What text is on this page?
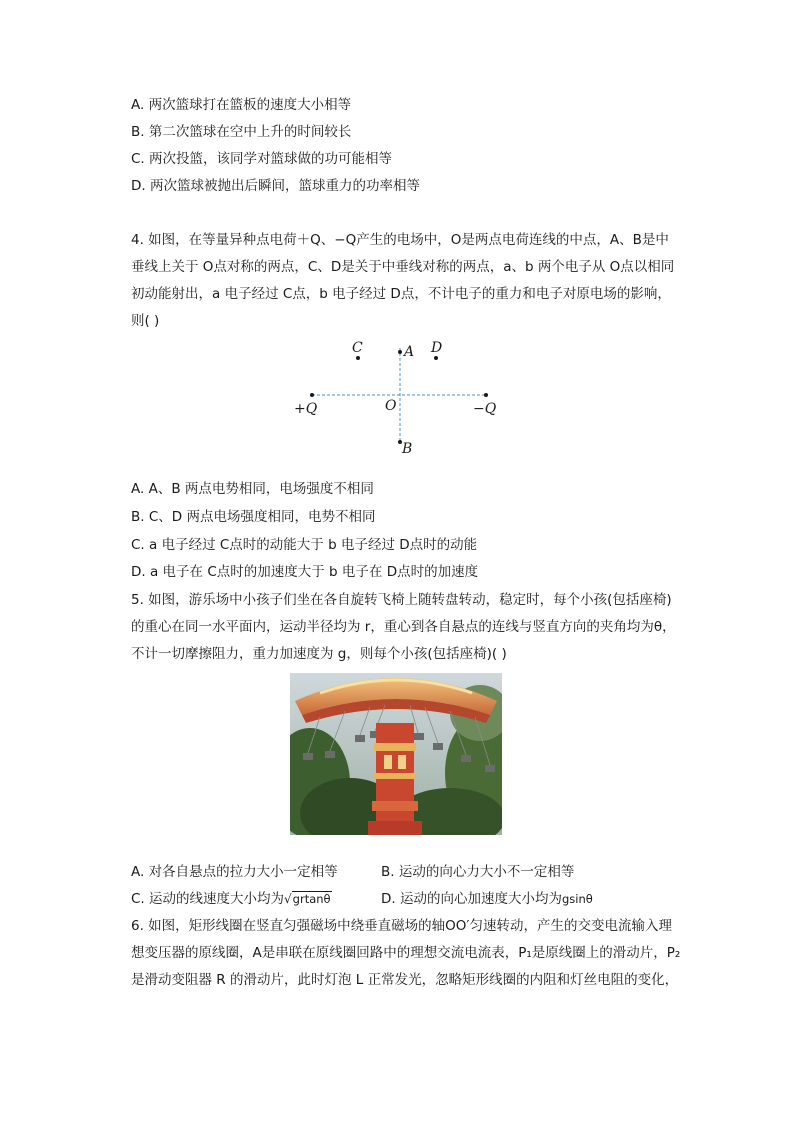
A. 两次篮球打在篮板的速度大小相等
B. 第二次篮球在空中上升的时间较长
C. 两次投篮，该同学对篮球做的功可能相等
D. 两次篮球被抛出后瞬间，篮球重力的功率相等
4. 如图，在等量异种点电荷＋Q、−Q产生的电场中，O是两点电荷连线的中点，A、B是中
垂线上关于 O点对称的两点，C、D是关于中垂线对称的两点，a、b 两个电子从 O点以相同
初动能射出，a 电子经过 C点，b 电子经过 D点，不计电子的重力和电子对原电场的影响，
则( )
C	A D
+Q	O	−Q
B
A. A、B 两点电势相同，电场强度不相同
B. C、D 两点电场强度相同，电势不相同
C. a 电子经过 C点时的动能大于 b 电子经过 D点时的动能
D. a 电子在 C点时的加速度大于 b 电子在 D点时的加速度
5. 如图，游乐场中小孩子们坐在各自旋转飞椅上随转盘转动，稳定时，每个小孩(包括座椅)
的重心在同一水平面内，运动半径均为 r，重心到各自悬点的连线与竖直方向的夹角均为θ，
不计一切摩擦阻力，重力加速度为 g，则每个小孩(包括座椅)( )
A. 对各自悬点的拉力大小一定相等	B. 运动的向心力大小不一定相等
C. 运动的线速度大小均为√grtanθ	D. 运动的向心加速度大小均为gsinθ
6. 如图，矩形线圈在竖直匀强磁场中绕垂直磁场的轴OO′匀速转动，产生的交变电流输入理
想变压器的原线圈，A是串联在原线圈回路中的理想交流电流表，P₁是原线圈上的滑动片，P₂
是滑动变阻器 R 的滑动片，此时灯泡 L 正常发光，忽略矩形线圈的内阻和灯丝电阻的变化，
